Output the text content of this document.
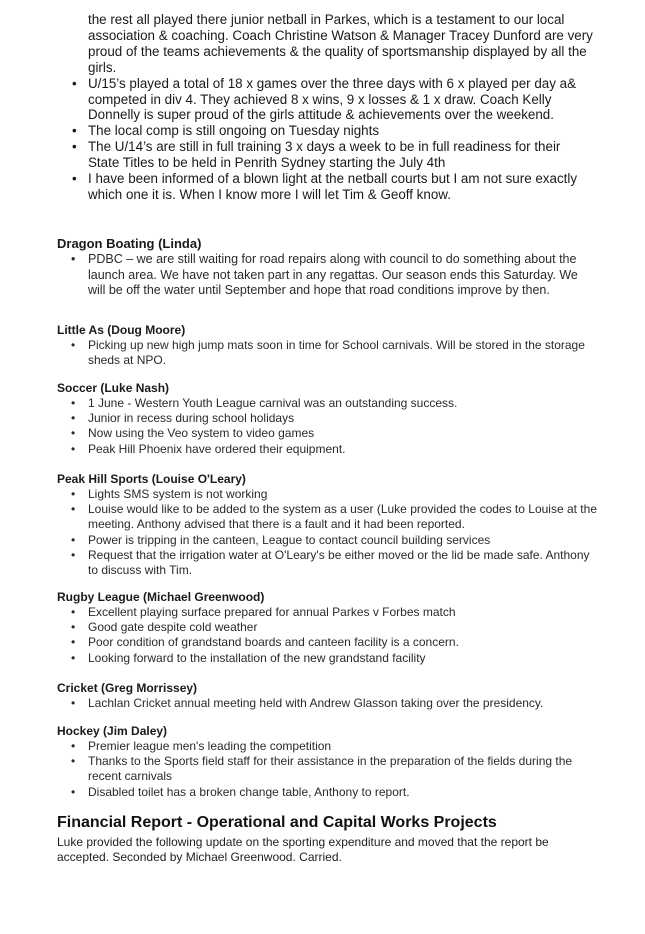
the rest all played there junior netball in Parkes, which is a testament to our local association & coaching. Coach Christine Watson & Manager Tracey Dunford are very proud of the teams achievements & the quality of sportsmanship displayed by all the girls.

• U/15’s played a total of 18 x games over the three days with 6 x played per day a& competed in div 4. They achieved 8 x wins, 9 x losses & 1 x draw. Coach Kelly Donnelly is super proud of the girls attitude & achievements over the weekend.
• The local comp is still ongoing on Tuesday nights
• The U/14’s are still in full training 3 x days a week to be in full readiness for their State Titles to be held in Penrith Sydney starting the July 4th
• I have been informed of a blown light at the netball courts but I am not sure exactly which one it is. When I know more I will let Tim & Geoff know.
Dragon Boating (Linda)
• PDBC – we are still waiting for road repairs along with council to do something about the launch area. We have not taken part in any regattas. Our season ends this Saturday. We will be off the water until September and hope that road conditions improve by then.
Little As (Doug Moore)
• Picking up new high jump mats soon in time for School carnivals. Will be stored in the storage sheds at NPO.
Soccer (Luke Nash)
• 1 June - Western Youth League carnival was an outstanding success.
• Junior in recess during school holidays
• Now using the Veo system to video games
• Peak Hill Phoenix have ordered their equipment.
Peak Hill Sports (Louise O'Leary)
• Lights SMS system is not working
• Louise would like to be added to the system as a user (Luke provided the codes to Louise at the meeting. Anthony advised that there is a fault and it had been reported.
• Power is tripping in the canteen, League to contact council building services
• Request that the irrigation water at O'Leary's be either moved or the lid be made safe. Anthony to discuss with Tim.
Rugby League (Michael Greenwood)
• Excellent playing surface prepared for annual Parkes v Forbes match
• Good gate despite cold weather
• Poor condition of grandstand boards and canteen facility is a concern.
• Looking forward to the installation of the new grandstand facility
Cricket (Greg Morrissey)
• Lachlan Cricket annual meeting held with Andrew Glasson taking over the presidency.
Hockey (Jim Daley)
• Premier league men's leading the competition
• Thanks to the Sports field staff for their assistance in the preparation of the fields during the recent carnivals
• Disabled toilet has a broken change table, Anthony to report.
Financial Report - Operational and Capital Works Projects

Luke provided the following update on the sporting expenditure and moved that the report be accepted. Seconded by Michael Greenwood. Carried.
